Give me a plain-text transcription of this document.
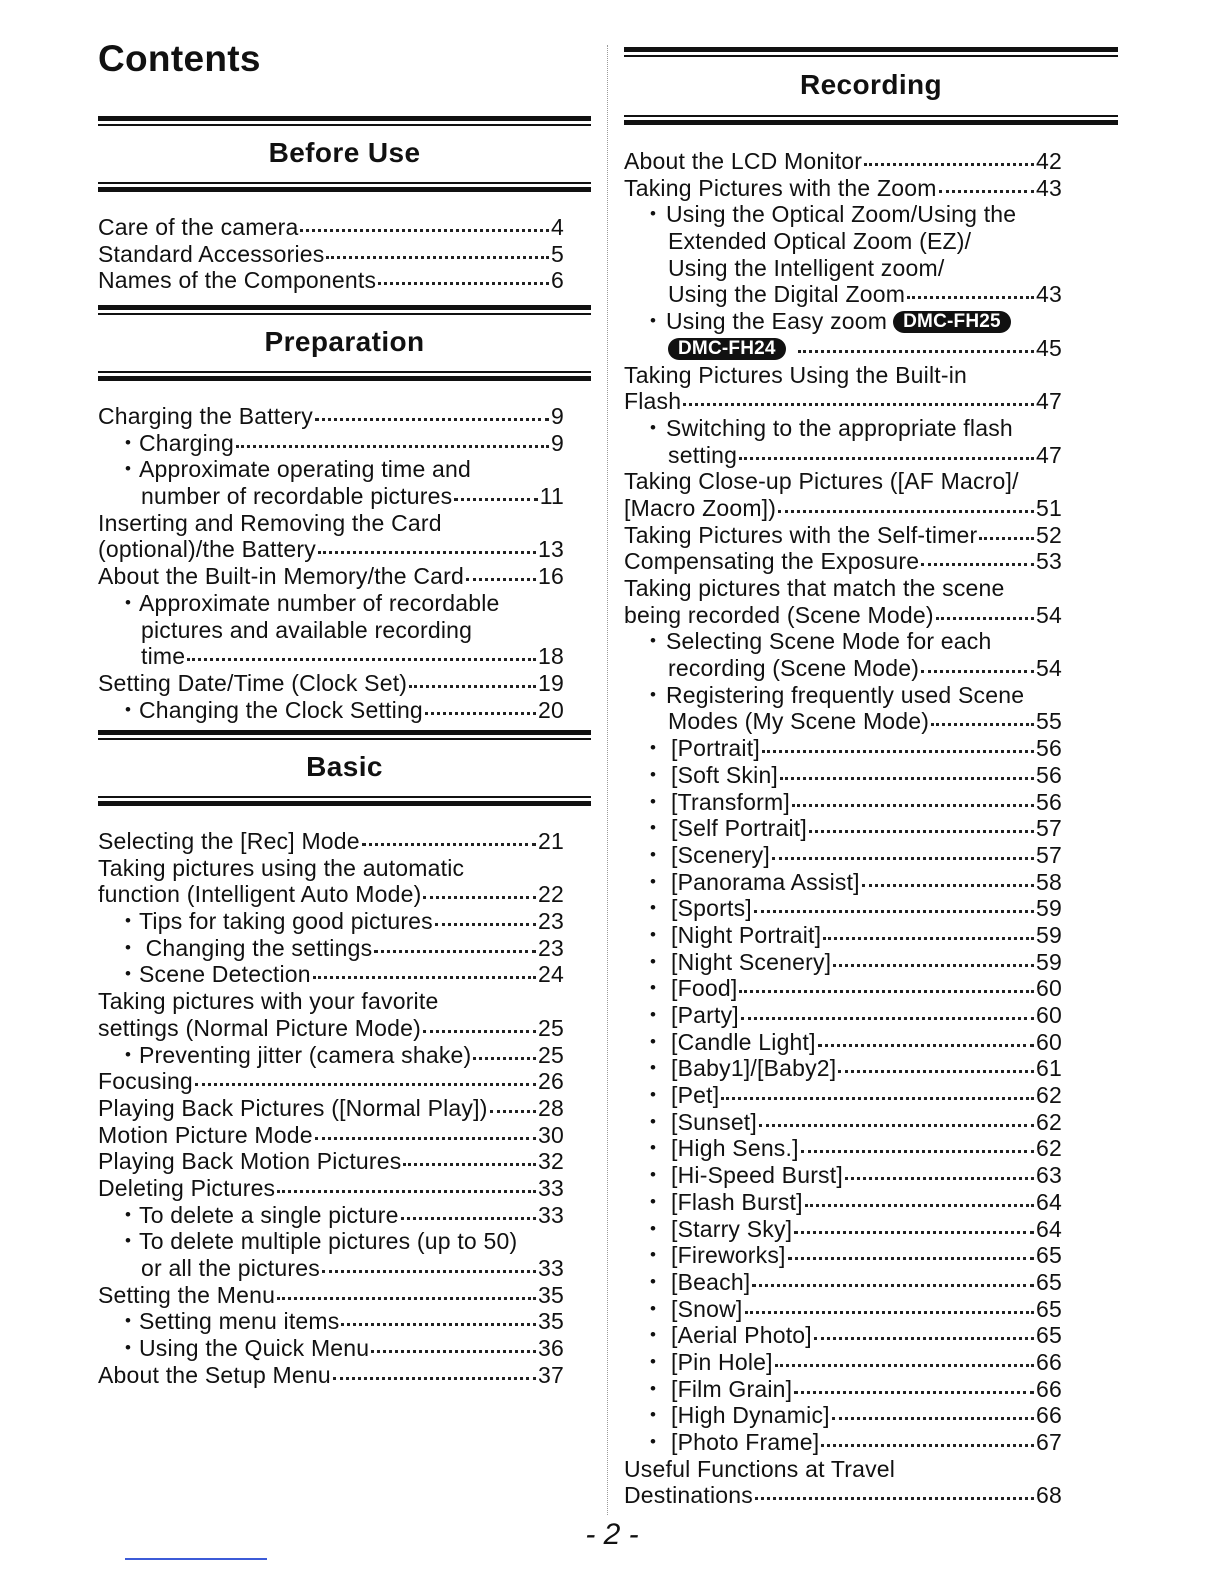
Contents
Before Use
Care of the camera	4
Standard Accessories	5
Names of the Components	6
Preparation
Charging the Battery	9
• Charging	9
• Approximate operating time and
number of recordable pictures	11
Inserting and Removing the Card
(optional)/the Battery	13
About the Built-in Memory/the Card	16
• Approximate number of recordable
pictures and available recording
time	18
Setting Date/Time (Clock Set)	19
• Changing the Clock Setting	20
Basic
Selecting the [Rec] Mode	21
Taking pictures using the automatic
function (Intelligent Auto Mode)	22
• Tips for taking good pictures	23
•  Changing the settings	23
• Scene Detection	24
Taking pictures with your favorite
settings (Normal Picture Mode)	25
• Preventing jitter (camera shake)	25
Focusing	26
Playing Back Pictures ([Normal Play]) 28
Motion Picture Mode	30
Playing Back Motion Pictures	32
Deleting Pictures	33
• To delete a single picture	33
• To delete multiple pictures (up to 50)
or all the pictures	33
Setting the Menu	35
• Setting menu items	35
• Using the Quick Menu	36
About the Setup Menu	37
Recording
About the LCD Monitor	42
Taking Pictures with the Zoom	43
• Using the Optical Zoom/Using the
Extended Optical Zoom (EZ)/
Using the Intelligent zoom/
Using the Digital Zoom	43
• Using the Easy zoom DMC-FH25
DMC-FH24	45
Taking Pictures Using the Built-in
Flash	47
• Switching to the appropriate flash
setting	47
Taking Close-up Pictures ([AF Macro]/
[Macro Zoom])	51
Taking Pictures with the Self-timer	52
Compensating the Exposure	53
Taking pictures that match the scene
being recorded (Scene Mode)	54
• Selecting Scene Mode for each
recording (Scene Mode)	54
• Registering frequently used Scene
Modes (My Scene Mode)	55
• [Portrait]	56
• [Soft Skin]	56
• [Transform]	56
• [Self Portrait]	57
• [Scenery]	57
• [Panorama Assist]	58
• [Sports]	59
• [Night Portrait]	59
• [Night Scenery]	59
• [Food]	60
• [Party]	60
• [Candle Light]	60
• [Baby1]/[Baby2]	61
• [Pet]	62
• [Sunset]	62
• [High Sens.]	62
• [Hi-Speed Burst]	63
• [Flash Burst]	64
• [Starry Sky]	64
• [Fireworks]	65
• [Beach]	65
• [Snow]	65
• [Aerial Photo]	65
• [Pin Hole]	66
• [Film Grain]	66
• [High Dynamic]	66
• [Photo Frame]	67
Useful Functions at Travel
Destinations	68
- 2 -
